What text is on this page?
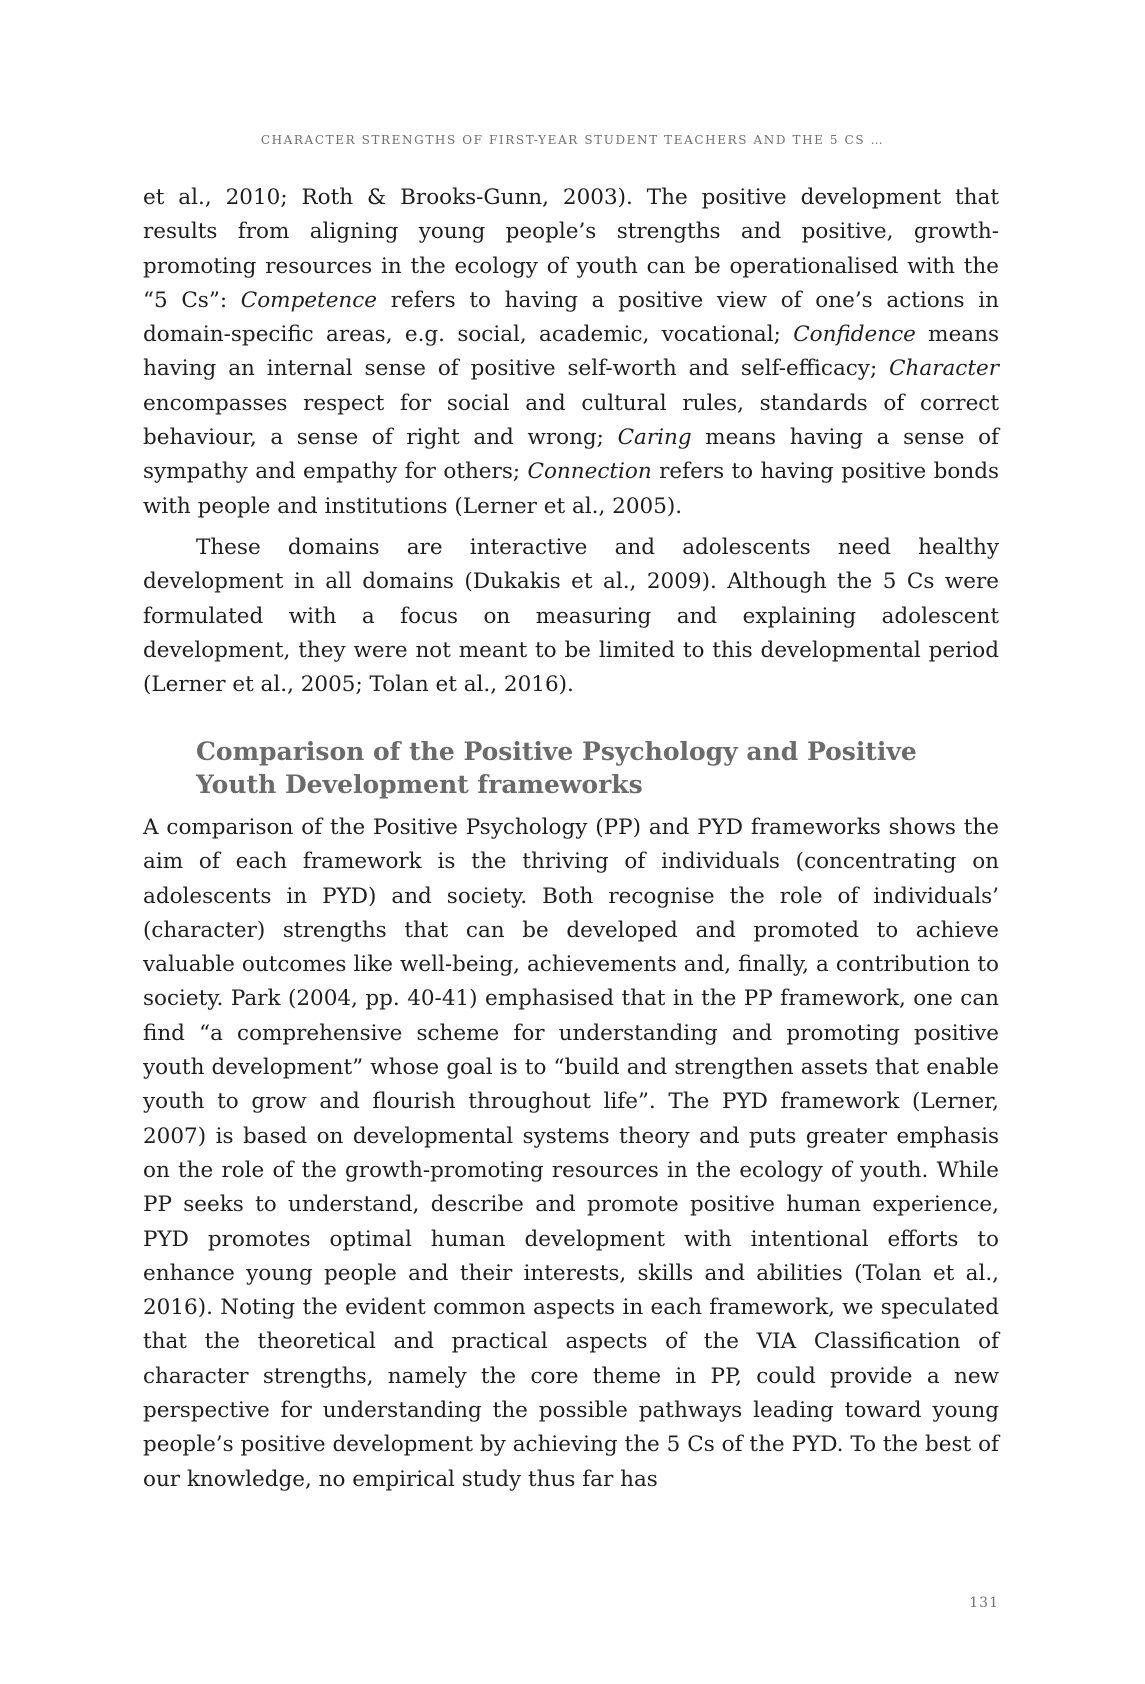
CHARACTER STRENGTHS OF FIRST-YEAR STUDENT TEACHERS AND THE 5 CS …

et al., 2010; Roth & Brooks-Gunn, 2003). The positive development that results from aligning young people’s strengths and positive, growth-promoting resources in the ecology of youth can be operationalised with the “5 Cs”: Competence refers to having a positive view of one’s actions in domain-specific areas, e.g. social, academic, vocational; Confidence means having an internal sense of positive self-worth and self-efficacy; Character encompasses respect for social and cultural rules, standards of correct behaviour, a sense of right and wrong; Caring means having a sense of sympathy and empathy for others; Connection refers to having positive bonds with people and institutions (Lerner et al., 2005).

These domains are interactive and adolescents need healthy development in all domains (Dukakis et al., 2009). Although the 5 Cs were formulated with a focus on measuring and explaining adolescent development, they were not meant to be limited to this developmental period (Lerner et al., 2005; Tolan et al., 2016).

Comparison of the Positive Psychology and Positive Youth Development frameworks

A comparison of the Positive Psychology (PP) and PYD frameworks shows the aim of each framework is the thriving of individuals (concentrating on adolescents in PYD) and society. Both recognise the role of individuals’ (character) strengths that can be developed and promoted to achieve valuable outcomes like well-being, achievements and, finally, a contribution to society. Park (2004, pp. 40-41) emphasised that in the PP framework, one can find “a comprehensive scheme for understanding and promoting positive youth development” whose goal is to “build and strengthen assets that enable youth to grow and flourish throughout life”. The PYD framework (Lerner, 2007) is based on developmental systems theory and puts greater emphasis on the role of the growth-promoting resources in the ecology of youth. While PP seeks to understand, describe and promote positive human experience, PYD promotes optimal human development with intentional efforts to enhance young people and their interests, skills and abilities (Tolan et al., 2016). Noting the evident common aspects in each framework, we speculated that the theoretical and practical aspects of the VIA Classification of character strengths, namely the core theme in PP, could provide a new perspective for understanding the possible pathways leading toward young people’s positive development by achieving the 5 Cs of the PYD. To the best of our knowledge, no empirical study thus far has

131
